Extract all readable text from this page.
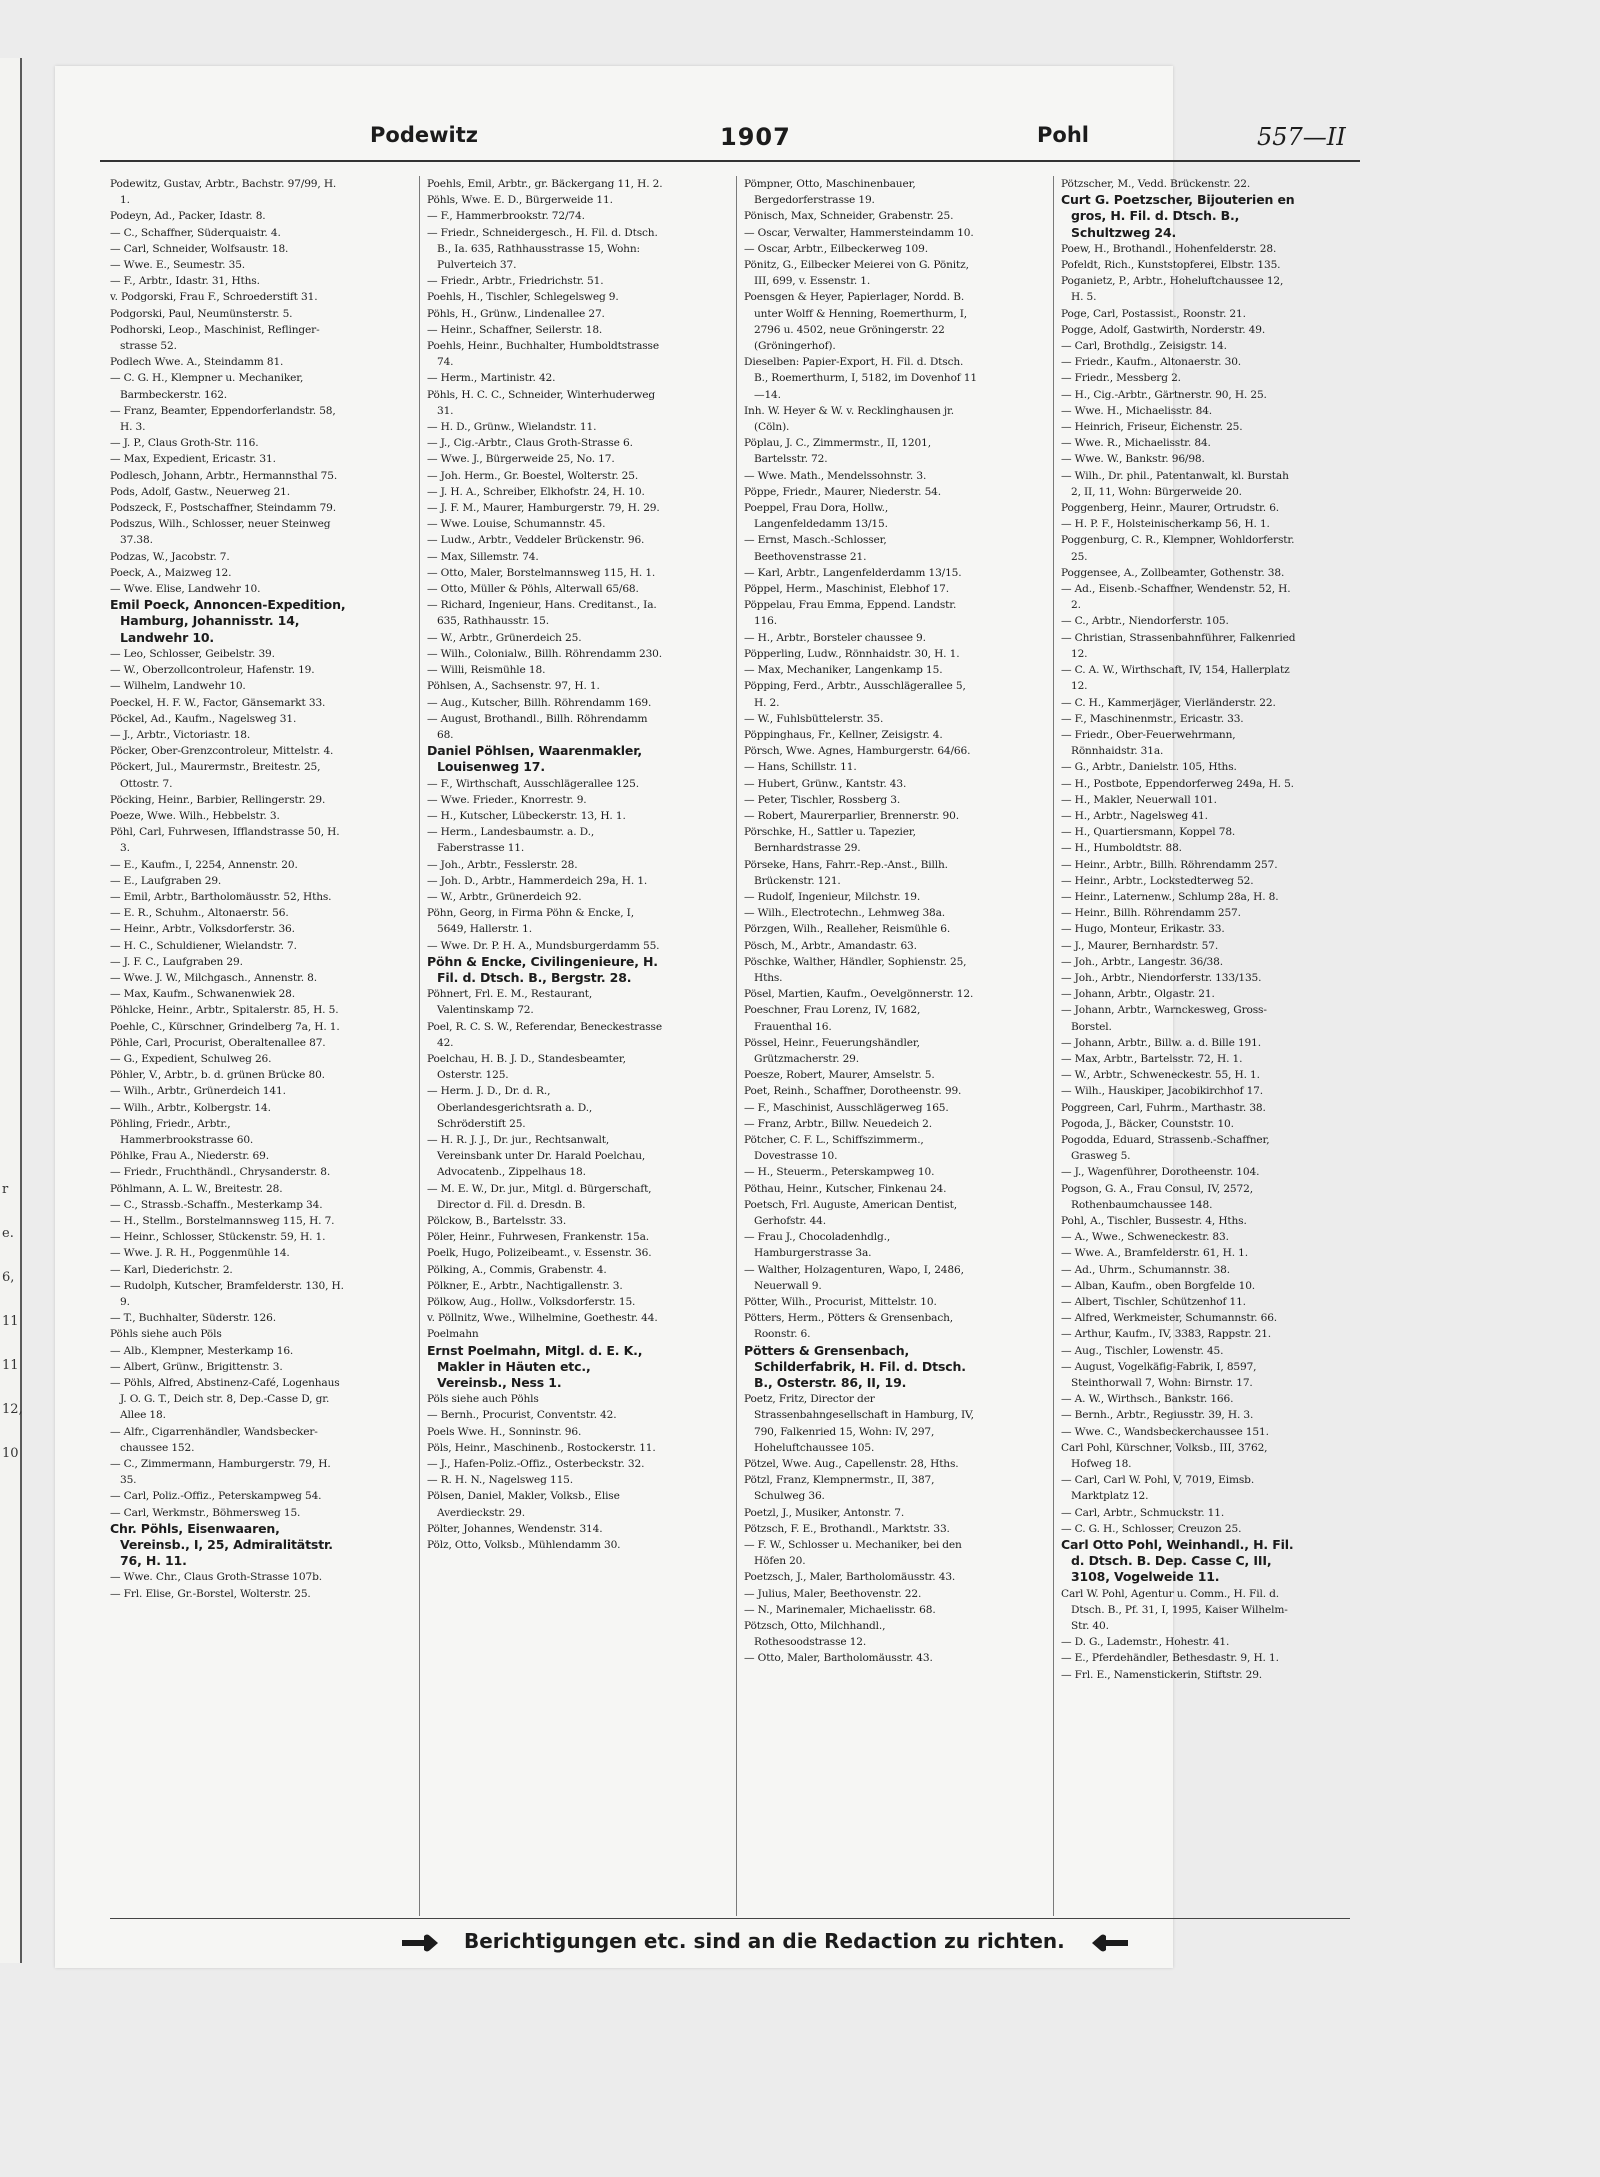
r
e.
6,
11
11
12,
10
Podewitz	1907	Pohl	557—II

Podewitz, Gustav, Arbtr., Bachstr. 97/99, H. 1.

Podeyn, Ad., Packer, Idastr. 8.

— C., Schaffner, Süderquaistr. 4.

— Carl, Schneider, Wolfsaustr. 18.

— Wwe. E., Seumestr. 35.

— F., Arbtr., Idastr. 31, Hths.

v. Podgorski, Frau F., Schroederstift 31.

Podgorski, Paul, Neumünsterstr. 5.

Podhorski, Leop., Maschinist, Reflinger-strasse 52.

Podlech Wwe. A., Steindamm 81.

— C. G. H., Klempner u. Mechaniker, Barmbeckerstr. 162.

— Franz, Beamter, Eppendorferlandstr. 58, H. 3.

— J. P., Claus Groth-Str. 116.

— Max, Expedient, Ericastr. 31.

Podlesch, Johann, Arbtr., Hermannsthal 75.

Pods, Adolf, Gastw., Neuerweg 21.

Podszeck, F., Postschaffner, Steindamm 79.

Podszus, Wilh., Schlosser, neuer Steinweg 37.38.

Podzas, W., Jacobstr. 7.

Poeck, A., Maizweg 12.

— Wwe. Elise, Landwehr 10.

Emil Poeck, Annoncen-Expedition, Hamburg, Johannisstr. 14, Landwehr 10.

— Leo, Schlosser, Geibelstr. 39.

— W., Oberzollcontroleur, Hafenstr. 19.

— Wilhelm, Landwehr 10.

Poeckel, H. F. W., Factor, Gänsemarkt 33.

Pöckel, Ad., Kaufm., Nagelsweg 31.

— J., Arbtr., Victoriastr. 18.

Pöcker, Ober-Grenzcontroleur, Mittelstr. 4.

Pöckert, Jul., Maurermstr., Breitestr. 25, Ottostr. 7.

Pöcking, Heinr., Barbier, Rellingerstr. 29.

Poeze, Wwe. Wilh., Hebbelstr. 3.

Pöhl, Carl, Fuhrwesen, Ifflandstrasse 50, H. 3.

— E., Kaufm., I, 2254, Annenstr. 20.

— E., Laufgraben 29.

— Emil, Arbtr., Bartholomäusstr. 52, Hths.

— E. R., Schuhm., Altonaerstr. 56.

— Heinr., Arbtr., Volksdorferstr. 36.

— H. C., Schuldiener, Wielandstr. 7.

— J. F. C., Laufgraben 29.

— Wwe. J. W., Milchgasch., Annenstr. 8.

— Max, Kaufm., Schwanenwiek 28.

Pöhlcke, Heinr., Arbtr., Spitalerstr. 85, H. 5.

Poehle, C., Kürschner, Grindelberg 7a, H. 1.

Pöhle, Carl, Procurist, Oberaltenallee 87.

— G., Expedient, Schulweg 26.

Pöhler, V., Arbtr., b. d. grünen Brücke 80.

— Wilh., Arbtr., Grünerdeich 141.

— Wilh., Arbtr., Kolbergstr. 14.

Pöhling, Friedr., Arbtr., Hammerbrookstrasse 60.

Pöhlke, Frau A., Niederstr. 69.

— Friedr., Fruchthändl., Chrysanderstr. 8.

Pöhlmann, A. L. W., Breitestr. 28.

— C., Strassb.-Schaffn., Mesterkamp 34.

— H., Stellm., Borstelmannsweg 115, H. 7.

— Heinr., Schlosser, Stückenstr. 59, H. 1.

— Wwe. J. R. H., Poggenmühle 14.

— Karl, Diederichstr. 2.

— Rudolph, Kutscher, Bramfelderstr. 130, H. 9.

— T., Buchhalter, Süderstr. 126.

Pöhls siehe auch Pöls

— Alb., Klempner, Mesterkamp 16.

— Albert, Grünw., Brigittenstr. 3.

— Pöhls, Alfred, Abstinenz-Café, Logenhaus J. O. G. T., Deich str. 8, Dep.-Casse D, gr. Allee 18.

— Alfr., Cigarrenhändler, Wandsbecker-chaussee 152.

— C., Zimmermann, Hamburgerstr. 79, H. 35.

— Carl, Poliz.-Offiz., Peterskampweg 54.

— Carl, Werkmstr., Böhmersweg 15.

Chr. Pöhls, Eisenwaaren, Vereinsb., I, 25, Admiralitätstr. 76, H. 11.

— Wwe. Chr., Claus Groth-Strasse 107b.

— Frl. Elise, Gr.-Borstel, Wolterstr. 25.

Poehls, Emil, Arbtr., gr. Bäckergang 11, H. 2.

Pöhls, Wwe. E. D., Bürgerweide 11.

— F., Hammerbrookstr. 72/74.

— Friedr., Schneidergesch., H. Fil. d. Dtsch. B., Ia. 635, Rathhausstrasse 15, Wohn: Pulverteich 37.

— Friedr., Arbtr., Friedrichstr. 51.

Poehls, H., Tischler, Schlegelsweg 9.

Pöhls, H., Grünw., Lindenallee 27.

— Heinr., Schaffner, Seilerstr. 18.

Poehls, Heinr., Buchhalter, Humboldtstrasse 74.

— Herm., Martinistr. 42.

Pöhls, H. C. C., Schneider, Winterhuderweg 31.

— H. D., Grünw., Wielandstr. 11.

— J., Cig.-Arbtr., Claus Groth-Strasse 6.

— Wwe. J., Bürgerweide 25, No. 17.

— Joh. Herm., Gr. Boestel, Wolterstr. 25.

— J. H. A., Schreiber, Elkhofstr. 24, H. 10.

— J. F. M., Maurer, Hamburgerstr. 79, H. 29.

— Wwe. Louise, Schumannstr. 45.

— Ludw., Arbtr., Veddeler Brückenstr. 96.

— Max, Sillemstr. 74.

— Otto, Maler, Borstelmannsweg 115, H. 1.

— Otto, Müller & Pöhls, Alterwall 65/68.

— Richard, Ingenieur, Hans. Creditanst., Ia. 635, Rathhausstr. 15.

— W., Arbtr., Grünerdeich 25.

— Wilh., Colonialw., Billh. Röhrendamm 230.

— Willi, Reismühle 18.

Pöhlsen, A., Sachsenstr. 97, H. 1.

— Aug., Kutscher, Billh. Röhrendamm 169.

— August, Brothandl., Billh. Röhrendamm 68.

Daniel Pöhlsen, Waarenmakler, Louisenweg 17.

— F., Wirthschaft, Ausschlägerallee 125.

— Wwe. Frieder., Knorrestr. 9.

— H., Kutscher, Lübeckerstr. 13, H. 1.

— Herm., Landesbaumstr. a. D., Faberstrasse 11.

— Joh., Arbtr., Fesslerstr. 28.

— Joh. D., Arbtr., Hammerdeich 29a, H. 1.

— W., Arbtr., Grünerdeich 92.

Pöhn, Georg, in Firma Pöhn & Encke, I, 5649, Hallerstr. 1.

— Wwe. Dr. P. H. A., Mundsburgerdamm 55.

Pöhn & Encke, Civilingenieure, H. Fil. d. Dtsch. B., Bergstr. 28.

Pöhnert, Frl. E. M., Restaurant, Valentinskamp 72.

Poel, R. C. S. W., Referendar, Beneckestrasse 42.

Poelchau, H. B. J. D., Standesbeamter, Osterstr. 125.

— Herm. J. D., Dr. d. R., Oberlandesgerichtsrath a. D., Schröderstift 25.

— H. R. J. J., Dr. jur., Rechtsanwalt, Vereinsbank unter Dr. Harald Poelchau, Advocatenb., Zippelhaus 18.

— M. E. W., Dr. jur., Mitgl. d. Bürgerschaft, Director d. Fil. d. Dresdn. B.

Pölckow, B., Bartelsstr. 33.

Pöler, Heinr., Fuhrwesen, Frankenstr. 15a.

Poelk, Hugo, Polizeibeamt., v. Essenstr. 36.

Pölking, A., Commis, Grabenstr. 4.

Pölkner, E., Arbtr., Nachtigallenstr. 3.

Pölkow, Aug., Hollw., Volksdorferstr. 15.

v. Pöllnitz, Wwe., Wilhelmine, Goethestr. 44.

Poelmahn

Ernst Poelmahn, Mitgl. d. E. K., Makler in Häuten etc., Vereinsb., Ness 1.

Pöls siehe auch Pöhls

— Bernh., Procurist, Conventstr. 42.

Poels Wwe. H., Sonninstr. 96.

Pöls, Heinr., Maschinenb., Rostockerstr. 11.

— J., Hafen-Poliz.-Offiz., Osterbeckstr. 32.

— R. H. N., Nagelsweg 115.

Pölsen, Daniel, Makler, Volksb., Elise Averdieckstr. 29.

Pölter, Johannes, Wendenstr. 314.

Pölz, Otto, Volksb., Mühlendamm 30.

Pömpner, Otto, Maschinenbauer, Bergedorferstrasse 19.

Pönisch, Max, Schneider, Grabenstr. 25.

— Oscar, Verwalter, Hammersteindamm 10.

— Oscar, Arbtr., Eilbeckerweg 109.

Pönitz, G., Eilbecker Meierei von G. Pönitz, III, 699, v. Essenstr. 1.

Poensgen & Heyer, Papierlager, Nordd. B. unter Wolff & Henning, Roemerthurm, I, 2796 u. 4502, neue Gröningerstr. 22 (Gröningerhof).

Dieselben: Papier-Export, H. Fil. d. Dtsch. B., Roemerthurm, I, 5182, im Dovenhof 11—14.

Inh. W. Heyer & W. v. Recklinghausen jr. (Cöln).

Pöplau, J. C., Zimmermstr., II, 1201, Bartelsstr. 72.

— Wwe. Math., Mendelssohnstr. 3.

Pöppe, Friedr., Maurer, Niederstr. 54.

Poeppel, Frau Dora, Hollw., Langenfeldedamm 13/15.

— Ernst, Masch.-Schlosser, Beethovenstrasse 21.

— Karl, Arbtr., Langenfelderdamm 13/15.

Pöppel, Herm., Maschinist, Elebhof 17.

Pöppelau, Frau Emma, Eppend. Landstr. 116.

— H., Arbtr., Borsteler chaussee 9.

Pöpperling, Ludw., Rönnhaidstr. 30, H. 1.

— Max, Mechaniker, Langenkamp 15.

Pöpping, Ferd., Arbtr., Ausschlägerallee 5, H. 2.

— W., Fuhlsbüttelerstr. 35.

Pöppinghaus, Fr., Kellner, Zeisigstr. 4.

Pörsch, Wwe. Agnes, Hamburgerstr. 64/66.

— Hans, Schillstr. 11.

— Hubert, Grünw., Kantstr. 43.

— Peter, Tischler, Rossberg 3.

— Robert, Maurerparlier, Brennerstr. 90.

Pörschke, H., Sattler u. Tapezier, Bernhardstrasse 29.

Pörseke, Hans, Fahrr.-Rep.-Anst., Billh. Brückenstr. 121.

— Rudolf, Ingenieur, Milchstr. 19.

— Wilh., Electrotechn., Lehmweg 38a.

Pörzgen, Wilh., Realleher, Reismühle 6.

Pösch, M., Arbtr., Amandastr. 63.

Pöschke, Walther, Händler, Sophienstr. 25, Hths.

Pösel, Martien, Kaufm., Oevelgönnerstr. 12.

Poeschner, Frau Lorenz, IV, 1682, Frauenthal 16.

Pössel, Heinr., Feuerungshändler, Grützmacherstr. 29.

Poesze, Robert, Maurer, Amselstr. 5.

Poet, Reinh., Schaffner, Dorotheenstr. 99.

— F., Maschinist, Ausschlägerweg 165.

— Franz, Arbtr., Billw. Neuedeich 2.

Pötcher, C. F. L., Schiffszimmerm., Dovestrasse 10.

— H., Steuerm., Peterskampweg 10.

Pöthau, Heinr., Kutscher, Finkenau 24.

Poetsch, Frl. Auguste, American Dentist, Gerhofstr. 44.

— Frau J., Chocoladenhdlg., Hamburgerstrasse 3a.

— Walther, Holzagenturen, Wapo, I, 2486, Neuerwall 9.

Pötter, Wilh., Procurist, Mittelstr. 10.

Pötters, Herm., Pötters & Grensenbach, Roonstr. 6.

Pötters & Grensenbach, Schilderfabrik, H. Fil. d. Dtsch. B., Osterstr. 86, II, 19.

Poetz, Fritz, Director der Strassenbahngesellschaft in Hamburg, IV, 790, Falkenried 15, Wohn: IV, 297, Hoheluftchaussee 105.

Pötzel, Wwe. Aug., Capellenstr. 28, Hths.

Pötzl, Franz, Klempnermstr., II, 387, Schulweg 36.

Poetzl, J., Musiker, Antonstr. 7.

Pötzsch, F. E., Brothandl., Marktstr. 33.

— F. W., Schlosser u. Mechaniker, bei den Höfen 20.

Poetzsch, J., Maler, Bartholomäusstr. 43.

— Julius, Maler, Beethovenstr. 22.

— N., Marinemaler, Michaelisstr. 68.

Pötzsch, Otto, Milchhandl., Rothesoodstrasse 12.

— Otto, Maler, Bartholomäusstr. 43.

Pötzscher, M., Vedd. Brückenstr. 22.

Curt G. Poetzscher, Bijouterien en gros, H. Fil. d. Dtsch. B., Schultzweg 24.

Poew, H., Brothandl., Hohenfelderstr. 28.

Pofeldt, Rich., Kunststopferei, Elbstr. 135.

Poganietz, P., Arbtr., Hoheluftchaussee 12, H. 5.

Poge, Carl, Postassist., Roonstr. 21.

Pogge, Adolf, Gastwirth, Norderstr. 49.

— Carl, Brothdlg., Zeisigstr. 14.

— Friedr., Kaufm., Altonaerstr. 30.

— Friedr., Messberg 2.

— H., Cig.-Arbtr., Gärtnerstr. 90, H. 25.

— Wwe. H., Michaelisstr. 84.

— Heinrich, Friseur, Eichenstr. 25.

— Wwe. R., Michaelisstr. 84.

— Wwe. W., Bankstr. 96/98.

— Wilh., Dr. phil., Patentanwalt, kl. Burstah 2, II, 11, Wohn: Bürgerweide 20.

Poggenberg, Heinr., Maurer, Ortrudstr. 6.

— H. P. F., Holsteinischerkamp 56, H. 1.

Poggenburg, C. R., Klempner, Wohldorferstr. 25.

Poggensee, A., Zollbeamter, Gothenstr. 38.

— Ad., Eisenb.-Schaffner, Wendenstr. 52, H. 2.

— C., Arbtr., Niendorferstr. 105.

— Christian, Strassenbahnführer, Falkenried 12.

— C. A. W., Wirthschaft, IV, 154, Hallerplatz 12.

— C. H., Kammerjäger, Vierländerstr. 22.

— F., Maschinenmstr., Ericastr. 33.

— Friedr., Ober-Feuerwehrmann, Rönnhaidstr. 31a.

— G., Arbtr., Danielstr. 105, Hths.

— H., Postbote, Eppendorferweg 249a, H. 5.

— H., Makler, Neuerwall 101.

— H., Arbtr., Nagelsweg 41.

— H., Quartiersmann, Koppel 78.

— H., Humboldtstr. 88.

— Heinr., Arbtr., Billh. Röhrendamm 257.

— Heinr., Arbtr., Lockstedterweg 52.

— Heinr., Laternenw., Schlump 28a, H. 8.

— Heinr., Billh. Röhrendamm 257.

— Hugo, Monteur, Erikastr. 33.

— J., Maurer, Bernhardstr. 57.

— Joh., Arbtr., Langestr. 36/38.

— Joh., Arbtr., Niendorferstr. 133/135.

— Johann, Arbtr., Olgastr. 21.

— Johann, Arbtr., Warnckesweg, Gross-Borstel.

— Johann, Arbtr., Billw. a. d. Bille 191.

— Max, Arbtr., Bartelsstr. 72, H. 1.

— W., Arbtr., Schweneckestr. 55, H. 1.

— Wilh., Hauskiper, Jacobikirchhof 17.

Poggreen, Carl, Fuhrm., Marthastr. 38.

Pogoda, J., Bäcker, Counststr. 10.

Pogodda, Eduard, Strassenb.-Schaffner, Grasweg 5.

— J., Wagenführer, Dorotheenstr. 104.

Pogson, G. A., Frau Consul, IV, 2572, Rothenbaumchaussee 148.

Pohl, A., Tischler, Bussestr. 4, Hths.

— A., Wwe., Schweneckestr. 83.

— Wwe. A., Bramfelderstr. 61, H. 1.

— Ad., Uhrm., Schumannstr. 38.

— Alban, Kaufm., oben Borgfelde 10.

— Albert, Tischler, Schützenhof 11.

— Alfred, Werkmeister, Schumannstr. 66.

— Arthur, Kaufm., IV, 3383, Rappstr. 21.

— Aug., Tischler, Lowenstr. 45.

— August, Vogelkäfig-Fabrik, I, 8597, Steinthorwall 7, Wohn: Birnstr. 17.

— A. W., Wirthsch., Bankstr. 166.

— Bernh., Arbtr., Regiusstr. 39, H. 3.

— Wwe. C., Wandsbeckerchaussee 151.

Carl Pohl, Kürschner, Volksb., III, 3762, Hofweg 18.

— Carl, Carl W. Pohl, V, 7019, Eimsb. Marktplatz 12.

— Carl, Arbtr., Schmuckstr. 11.

— C. G. H., Schlosser, Creuzon 25.

Carl Otto Pohl, Weinhandl., H. Fil. d. Dtsch. B. Dep. Casse C, III, 3108, Vogelweide 11.

Carl W. Pohl, Agentur u. Comm., H. Fil. d. Dtsch. B., Pf. 31, I, 1995, Kaiser Wilhelm-Str. 40.

— D. G., Lademstr., Hohestr. 41.

— E., Pferdehändler, Bethesdastr. 9, H. 1.

— Frl. E., Namenstickerin, Stiftstr. 29.

Berichtigungen etc. sind an die Redaction zu richten.
